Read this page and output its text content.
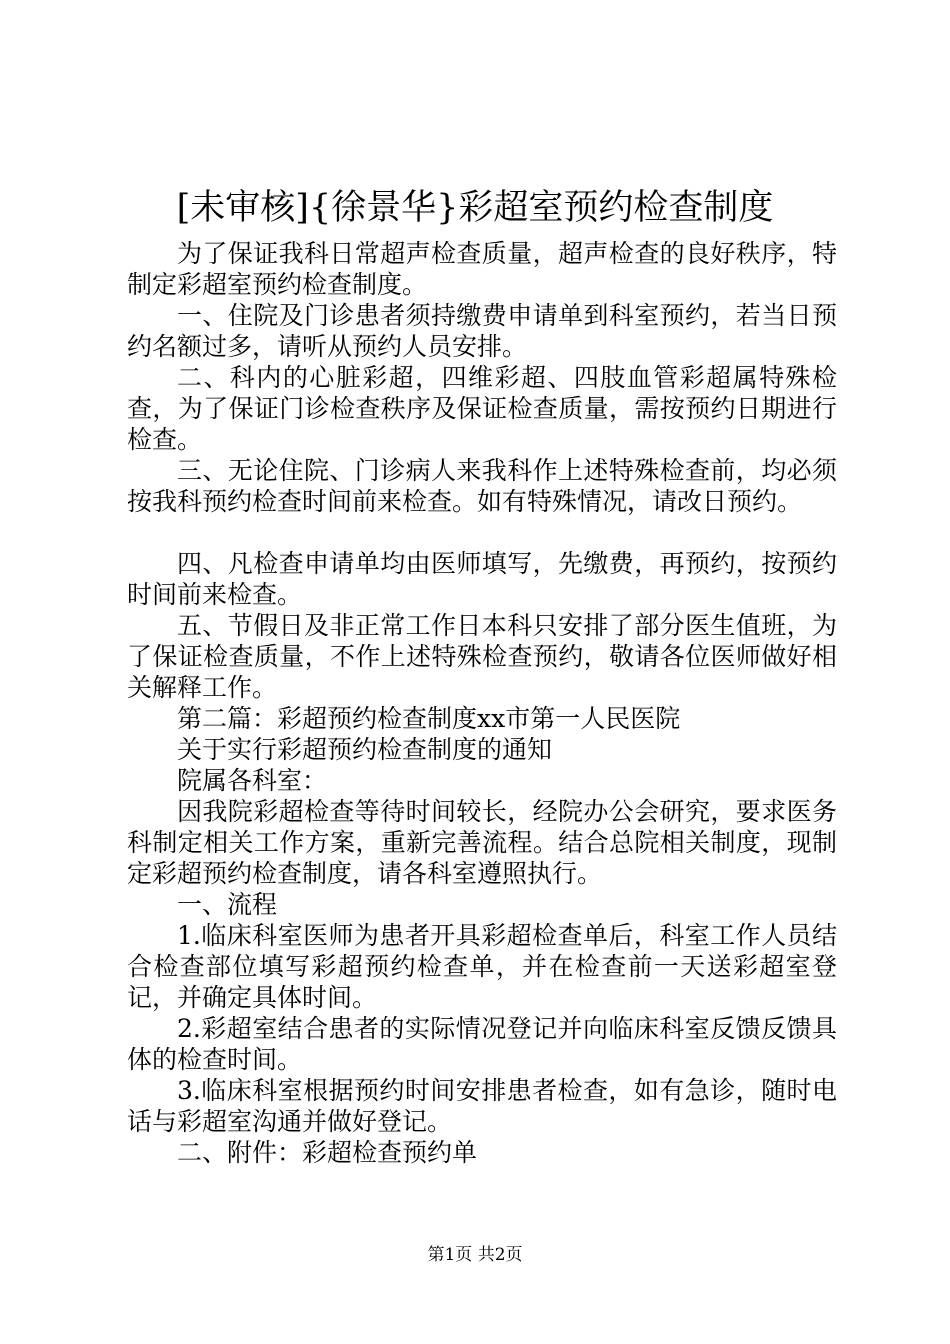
[未审核]{徐景华}彩超室预约检查制度

为了保证我科日常超声检查质量，超声检查的良好秩序，特制定彩超室预约检查制度。

一、住院及门诊患者须持缴费申请单到科室预约，若当日预约名额过多，请听从预约人员安排。

二、科内的心脏彩超，四维彩超、四肢血管彩超属特殊检查，为了保证门诊检查秩序及保证检查质量，需按预约日期进行检查。

三、无论住院、门诊病人来我科作上述特殊检查前，均必须按我科预约检查时间前来检查。如有特殊情况，请改日预约。

四、凡检查申请单均由医师填写，先缴费，再预约，按预约时间前来检查。

五、节假日及非正常工作日本科只安排了部分医生值班，为了保证检查质量，不作上述特殊检查预约，敬请各位医师做好相关解释工作。

第二篇：彩超预约检查制度xx市第一人民医院

关于实行彩超预约检查制度的通知

院属各科室：

因我院彩超检查等待时间较长，经院办公会研究，要求医务科制定相关工作方案，重新完善流程。结合总院相关制度，现制定彩超预约检查制度，请各科室遵照执行。

一、流程

1.临床科室医师为患者开具彩超检查单后，科室工作人员结合检查部位填写彩超预约检查单，并在检查前一天送彩超室登记，并确定具体时间。

2.彩超室结合患者的实际情况登记并向临床科室反馈反馈具体的检查时间。

3.临床科室根据预约时间安排患者检查，如有急诊，随时电话与彩超室沟通并做好登记。

二、附件：彩超检查预约单

第1页 共2页
